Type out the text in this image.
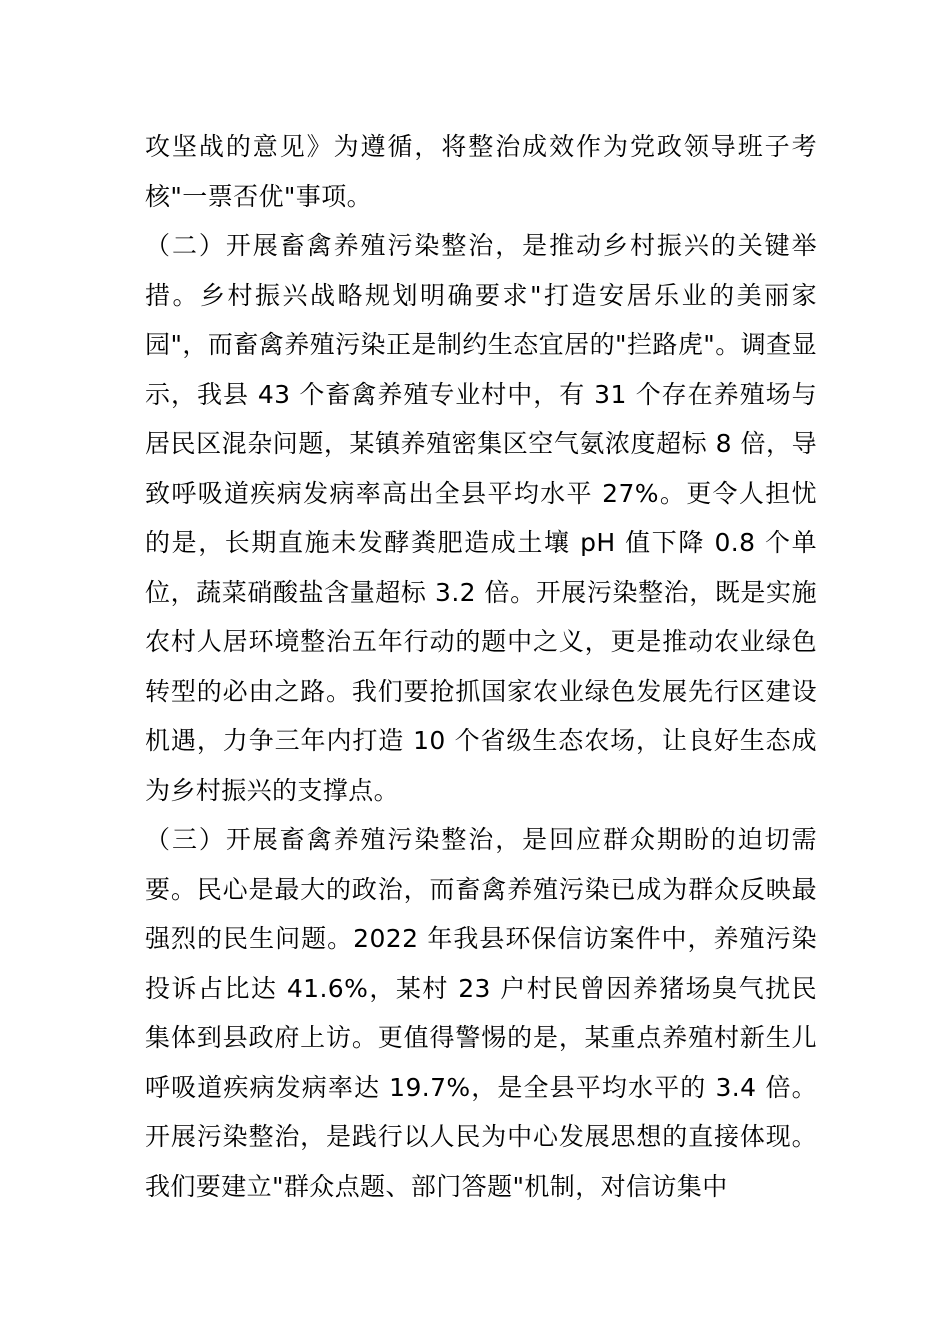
攻坚战的意见》为遵循，将整治成效作为党政领导班子考核"一票否优"事项。

（二）开展畜禽养殖污染整治，是推动乡村振兴的关键举措。乡村振兴战略规划明确要求"打造安居乐业的美丽家园"，而畜禽养殖污染正是制约生态宜居的"拦路虎"。调查显示，我县 43 个畜禽养殖专业村中，有 31 个存在养殖场与居民区混杂问题，某镇养殖密集区空气氨浓度超标 8 倍，导致呼吸道疾病发病率高出全县平均水平 27%。更令人担忧的是，长期直施未发酵粪肥造成土壤 pH 值下降 0.8 个单位，蔬菜硝酸盐含量超标 3.2 倍。开展污染整治，既是实施农村人居环境整治五年行动的题中之义，更是推动农业绿色转型的必由之路。我们要抢抓国家农业绿色发展先行区建设机遇，力争三年内打造 10 个省级生态农场，让良好生态成为乡村振兴的支撑点。

（三）开展畜禽养殖污染整治，是回应群众期盼的迫切需要。民心是最大的政治，而畜禽养殖污染已成为群众反映最强烈的民生问题。2022 年我县环保信访案件中，养殖污染投诉占比达 41.6%，某村 23 户村民曾因养猪场臭气扰民集体到县政府上访。更值得警惕的是，某重点养殖村新生儿呼吸道疾病发病率达 19.7%，是全县平均水平的 3.4 倍。开展污染整治，是践行以人民为中心发展思想的直接体现。我们要建立"群众点题、部门答题"机制，对信访集中
